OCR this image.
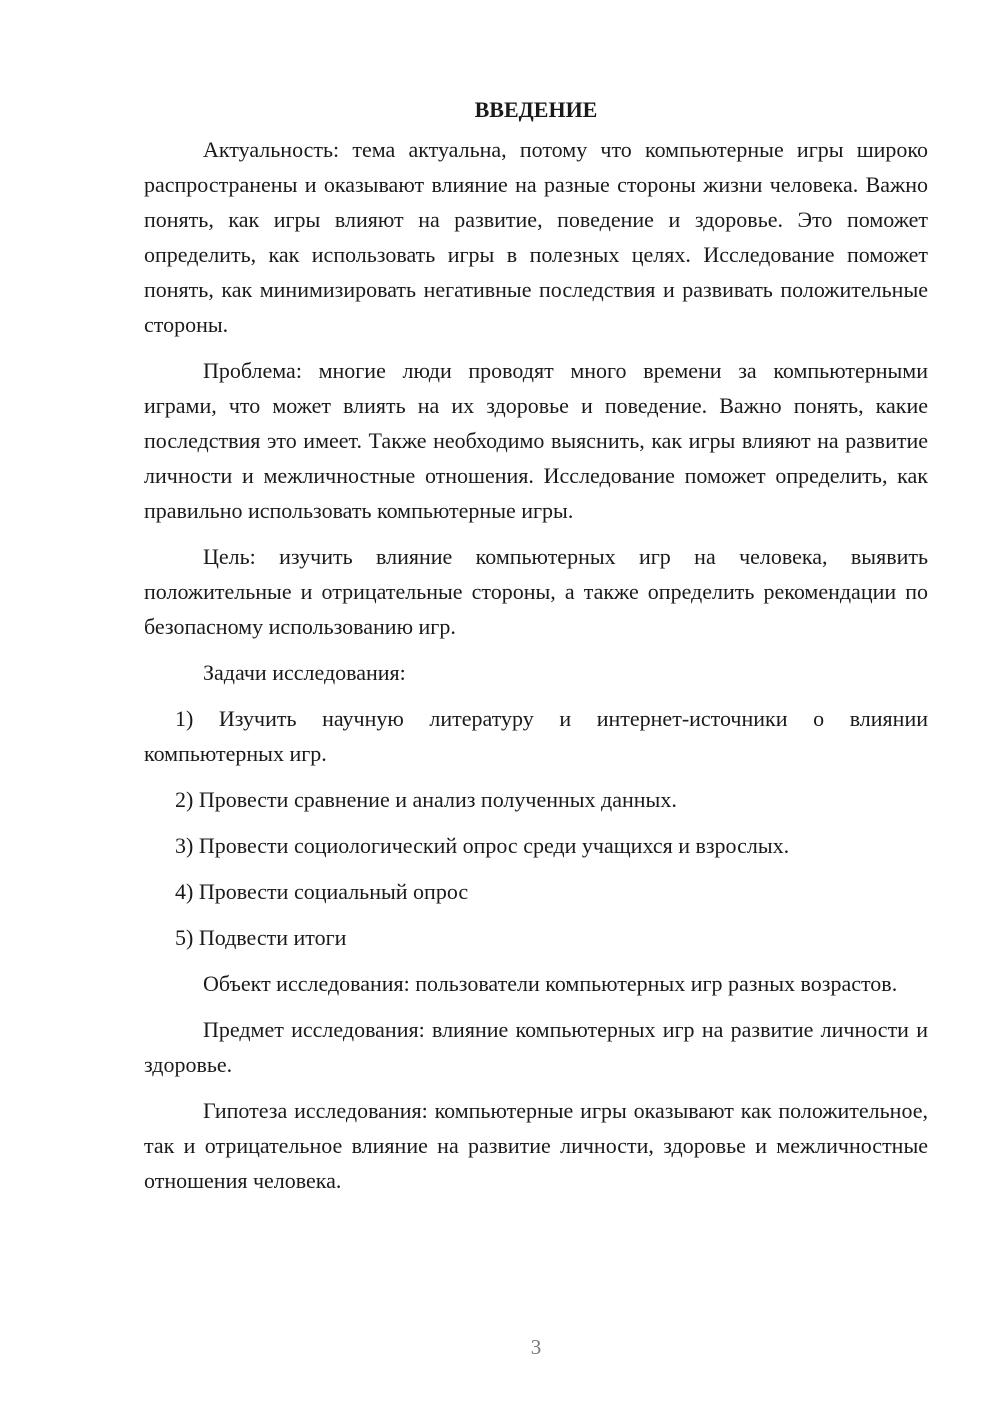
ВВЕДЕНИЕ

Актуальность: тема актуальна, потому что компьютерные игры широко распространены и оказывают влияние на разные стороны жизни человека. Важно понять, как игры влияют на развитие, поведение и здоровье. Это поможет определить, как использовать игры в полезных целях. Исследование поможет понять, как минимизировать негативные последствия и развивать положительные стороны.

Проблема: многие люди проводят много времени за компьютерными играми, что может влиять на их здоровье и поведение. Важно понять, какие последствия это имеет. Также необходимо выяснить, как игры влияют на развитие личности и межличностные отношения. Исследование поможет определить, как правильно использовать компьютерные игры.

Цель: изучить влияние компьютерных игр на человека, выявить положительные и отрицательные стороны, а также определить рекомендации по безопасному использованию игр.

Задачи исследования:

1) Изучить научную литературу и интернет-источники о влиянии компьютерных игр.

2) Провести сравнение и анализ полученных данных.

3) Провести социологический опрос среди учащихся и взрослых.

4) Провести социальный опрос

5) Подвести итоги

Объект исследования: пользователи компьютерных игр разных возрастов.

Предмет исследования: влияние компьютерных игр на развитие личности и здоровье.

Гипотеза исследования: компьютерные игры оказывают как положительное, так и отрицательное влияние на развитие личности, здоровье и межличностные отношения человека.

3
